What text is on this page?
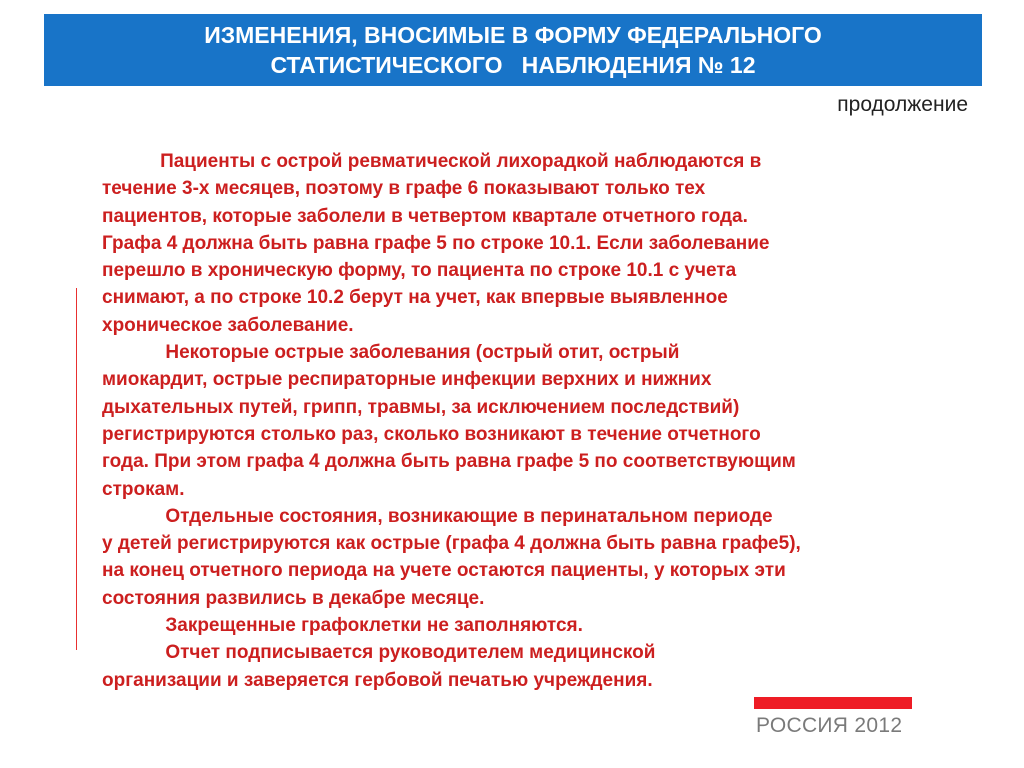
ИЗМЕНЕНИЯ, ВНОСИМЫЕ В ФОРМУ ФЕДЕРАЛЬНОГО
СТАТИСТИЧЕСКОГО   НАБЛЮДЕНИЯ № 12
продолжение
Пациенты с острой ревматической лихорадкой наблюдаются в
течение 3-х месяцев, поэтому в графе 6 показывают только тех
пациентов, которые заболели в четвертом квартале отчетного года.
Графа 4 должна быть равна графе 5 по строке 10.1. Если заболевание
перешло в хроническую форму, то пациента по строке 10.1 с учета
снимают, а по строке 10.2 берут на учет, как впервые выявленное
хроническое заболевание.
Некоторые острые заболевания (острый отит, острый
миокардит, острые респираторные инфекции верхних и нижних
дыхательных путей, грипп, травмы, за исключением последствий)
регистрируются столько раз, сколько возникают в течение отчетного
года. При этом графа 4 должна быть равна графе 5 по соответствующим
строкам.
Отдельные состояния, возникающие в перинатальном периоде
у детей регистрируются как острые (графа 4 должна быть равна графе5),
на конец отчетного периода на учете остаются пациенты, у которых эти
состояния развились в декабре месяце.
Закрещенные графоклетки не заполняются.
Отчет подписывается руководителем медицинской
организации и заверяется гербовой печатью учреждения.
РОССИЯ 2012
